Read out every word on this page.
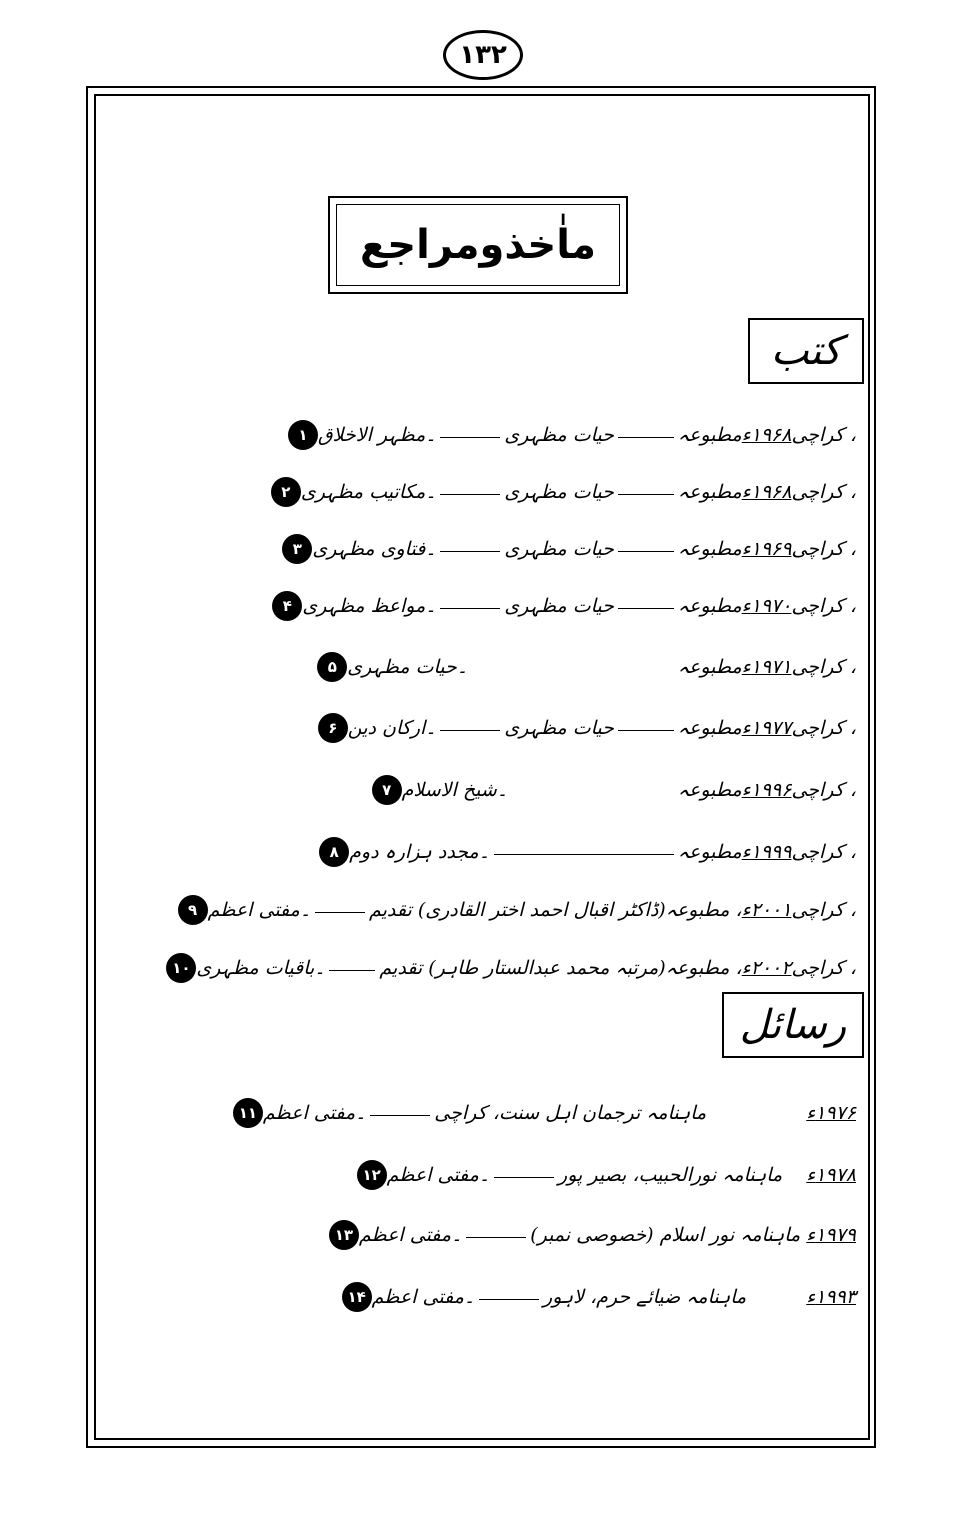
۱۳۲
ماٰخذومراجع
کتب
۱ ۔مظہر الاخلاق	حیات مظہری	مطبوعہ ۱۹۶۸ء ، کراچی
۲ ۔مکاتیب مظہری	حیات مظہری	مطبوعہ ۱۹۶۸ء ، کراچی
۳ ۔فتاوی مظہری	حیات مظہری	مطبوعہ ۱۹۶۹ء ، کراچی
۴ ۔مواعظ مظہری	حیات مظہری	مطبوعہ ۱۹۷۰ء ، کراچی
۵ ۔حیات مظہری	مطبوعہ ۱۹۷۱ء ، کراچی
۶ ۔ارکان دین	حیات مظہری	مطبوعہ ۱۹۷۷ء ، کراچی
۷ ۔شیخ الاسلام	مطبوعہ ۱۹۹۶ء ، کراچی
۸ ۔مجدد ہزارہ دوم	مطبوعہ ۱۹۹۹ء ، کراچی
۹ ۔مفتی اعظم	(ڈاکٹر اقبال احمد اختر القادری) تقدیم ، مطبوعہ ۲۰۰۱ء ، کراچی
۱۰ ۔باقیات مظہری	(مرتبہ محمد عبدالستار طاہر) تقدیم ، مطبوعہ ۲۰۰۲ء ، کراچی
رسائل
۱۱ ۔مفتی اعظم	ماہنامہ ترجمان اہل سنت، کراچی	۱۹۷۶ء
۱۲ ۔مفتی اعظم	ماہنامہ نورالحبیب، بصیر پور ۱۹۷۸ء
۱۳ ۔مفتی اعظم	ماہنامہ نور اسلام (خصوصی نمبر) ۱۹۷۹ء
۱۴ ۔مفتی اعظم	ماہنامہ ضیائے حرم، لاہور	۱۹۹۳ء
